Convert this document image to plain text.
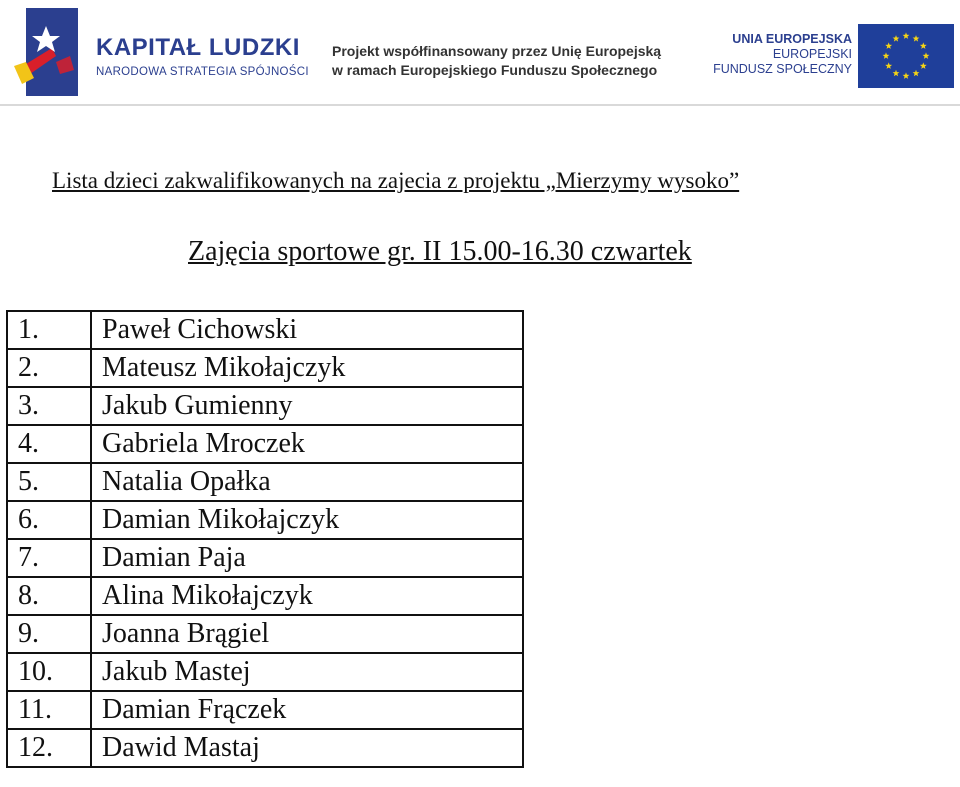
KAPITAŁ LUDZKI
NARODOWA STRATEGIA SPÓJNOŚCI
Projekt współfinansowany przez Unię Europejską
w ramach Europejskiego Funduszu Społecznego
UNIA EUROPEJSKA
EUROPEJSKI
FUNDUSZ SPOŁECZNY
Lista dzieci zakwalifikowanych na zajecia z projektu „Mierzymy wysoko”
Zajęcia sportowe gr. II 15.00-16.30 czwartek
1.	Paweł Cichowski
2.	Mateusz Mikołajczyk
3.	Jakub Gumienny
4.	Gabriela Mroczek
5.	Natalia Opałka
6.	Damian Mikołajczyk
7.	Damian Paja
8.	Alina Mikołajczyk
9.	Joanna Brągiel
10.	Jakub Mastej
11.	Damian Frączek
12.	Dawid Mastaj
